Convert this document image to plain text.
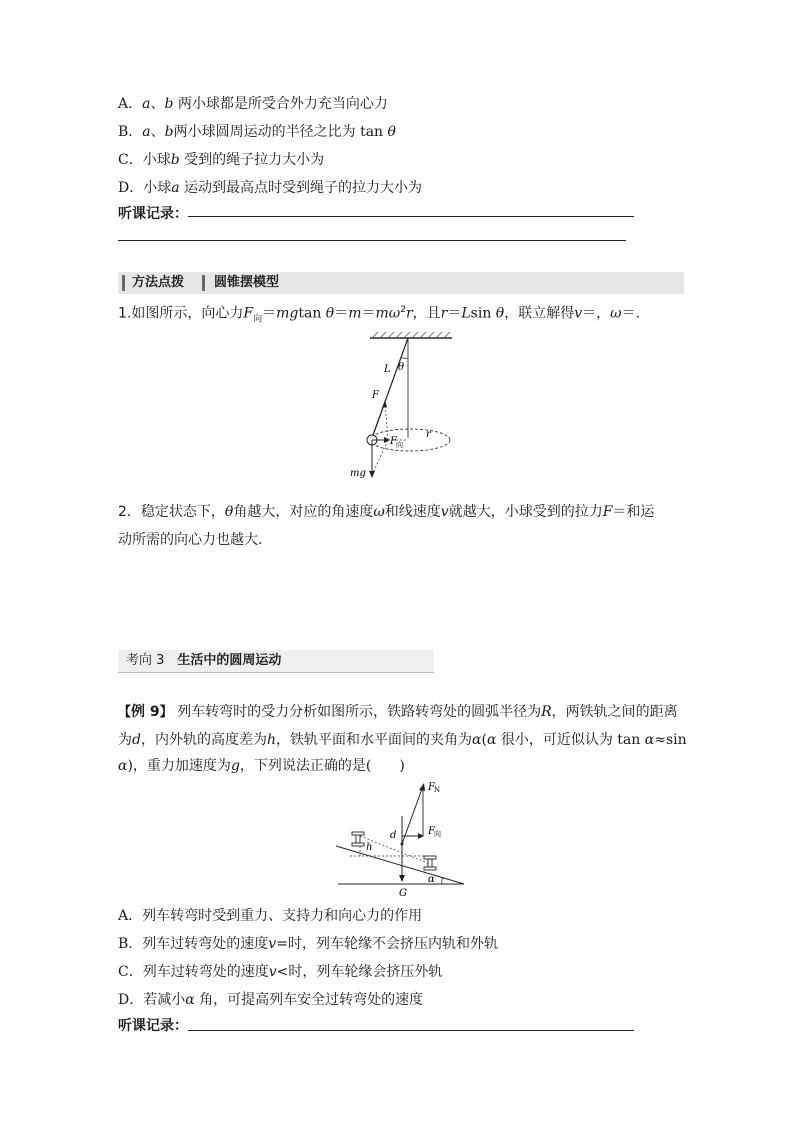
A．a、b 两小球都是所受合外力充当向心力
B．a、b两小球圆周运动的半径之比为 tan θ
C．小球b 受到的绳子拉力大小为
D．小球a 运动到最高点时受到绳子的拉力大小为
听课记录：
方法点拨 圆锥摆模型
1.如图所示，向心力$F_向=mgtan$ $\theta=m=m\omega^2r$，且r＝Lsin θ，联立解得v＝，ω＝.
L θ
F
r
F 向
mg
2．稳定状态下，θ角越大，对应的角速度ω和线速度v就越大，小球受到的拉力F＝和运
动所需的向心力也越大．
考向 3　 生活中的圆周运动
【例 9】 列车转弯时的受力分析如图所示，铁路转弯处的圆弧半径为R，两铁轨之间的距离
为d，内外轨的高度差为h，铁轨平面和水平面间的夹角为α(α 很小，可近似认为 tan α≈sin
α)，重力加速度为g，下列说法正确的是(　　)
F N
d	F 向
h
G
α
A．列车转弯时受到重力、支持力和向心力的作用
B．列车过转弯处的速度v=时，列车轮缘不会挤压内轨和外轨
C．列车过转弯处的速度v<时，列车轮缘会挤压外轨
D．若减小α 角，可提高列车安全过转弯处的速度
听课记录：
